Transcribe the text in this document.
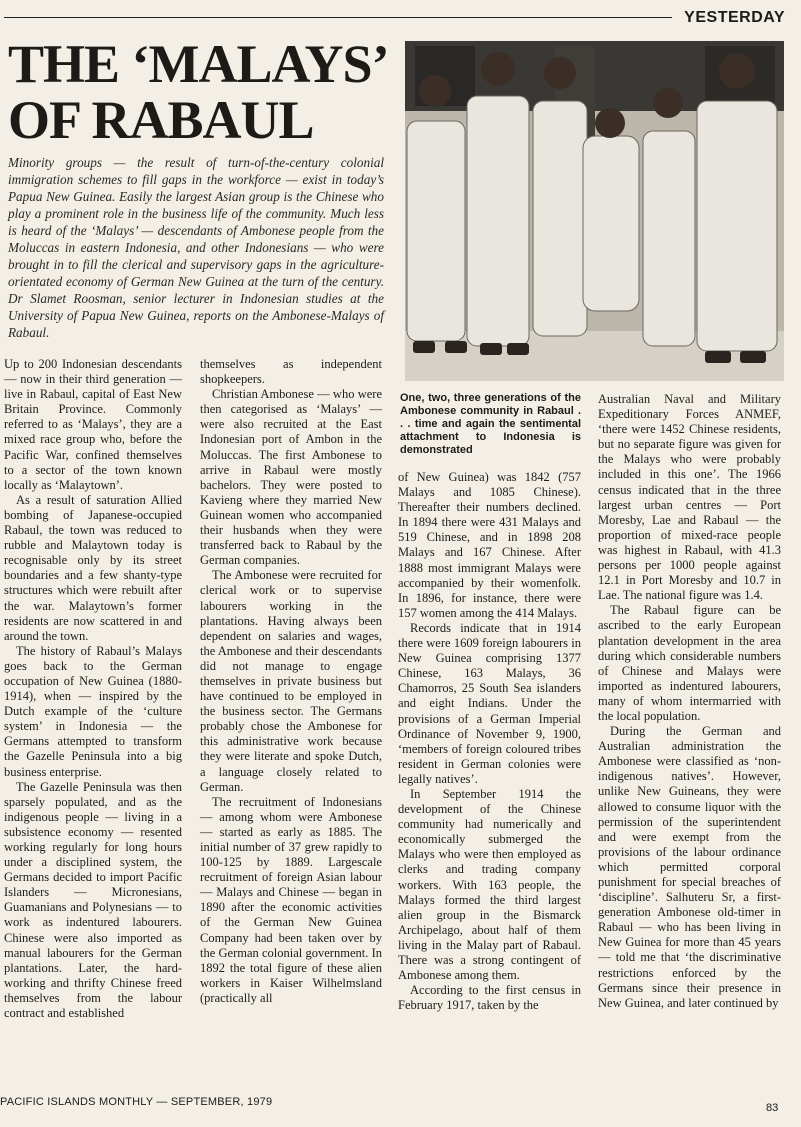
YESTERDAY
THE ‘MALAYS’
OF RABAUL
Minority groups — the result of turn-of-the-century colonial immigration schemes to fill gaps in the workforce — exist in today’s Papua New Guinea. Easily the largest Asian group is the Chinese who play a prominent role in the business life of the community. Much less is heard of the ‘Malays’ — descendants of Ambonese people from the Moluccas in eastern Indonesia, and other Indonesians — who were brought in to fill the clerical and supervisory gaps in the agriculture-orientated economy of German New Guinea at the turn of the century. Dr Slamet Roosman, senior lecturer in Indonesian studies at the University of Papua New Guinea, reports on the Ambonese-Malays of Rabaul.
One, two, three generations of the Ambonese community in Rabaul . . . time and again the sentimental attachment to Indonesia is demonstrated

Up to 200 Indonesian descendants — now in their third generation — live in Rabaul, capital of East New Britain Province. Commonly referred to as ‘Malays’, they are a mixed race group who, before the Pacific War, confined themselves to a sector of the town known locally as ‘Malaytown’.

As a result of saturation Allied bombing of Japanese-occupied Rabaul, the town was reduced to rubble and Malaytown today is recognisable only by its street boundaries and a few shanty-type structures which were rebuilt after the war. Malaytown’s former residents are now scattered in and around the town.

The history of Rabaul’s Malays goes back to the German occupation of New Guinea (1880-1914), when — inspired by the Dutch example of the ‘culture system’ in Indonesia — the Germans attempted to transform the Gazelle Peninsula into a big business enterprise.

The Gazelle Peninsula was then sparsely populated, and as the indigenous people — living in a subsistence economy — resented working regularly for long hours under a disciplined system, the Germans decided to import Pacific Islanders — Micronesians, Guamanians and Polynesians — to work as indentured labourers. Chinese were also imported as manual labourers for the German plantations. Later, the hard-working and thrifty Chinese freed themselves from the labour contract and established

themselves as independent shopkeepers.

Christian Ambonese — who were then categorised as ‘Malays’ — were also recruited at the East Indonesian port of Ambon in the Moluccas. The first Ambonese to arrive in Rabaul were mostly bachelors. They were posted to Kavieng where they married New Guinean women who accompanied their husbands when they were transferred back to Rabaul by the German companies.

The Ambonese were recruited for clerical work or to supervise labourers working in the plantations. Having always been dependent on salaries and wages, the Ambonese and their descendants did not manage to engage themselves in private business but have continued to be employed in the business sector. The Germans probably chose the Ambonese for this administrative work because they were literate and spoke Dutch, a language closely related to German.

The recruitment of Indonesians — among whom were Ambonese — started as early as 1885. The initial number of 37 grew rapidly to 100-125 by 1889. Largescale recruitment of foreign Asian labour — Malays and Chinese — began in 1890 after the economic activities of the German New Guinea Company had been taken over by the German colonial government. In 1892 the total figure of these alien workers in Kaiser Wilhelmsland (practically all

of New Guinea) was 1842 (757 Malays and 1085 Chinese). Thereafter their numbers declined. In 1894 there were 431 Malays and 519 Chinese, and in 1898 208 Malays and 167 Chinese. After 1888 most immigrant Malays were accompanied by their womenfolk. In 1896, for instance, there were 157 women among the 414 Malays.

Records indicate that in 1914 there were 1609 foreign labourers in New Guinea comprising 1377 Chinese, 163 Malays, 36 Chamorros, 25 South Sea islanders and eight Indians. Under the provisions of a German Imperial Ordinance of November 9, 1900, ‘members of foreign coloured tribes resident in German colonies were legally natives’.

In September 1914 the development of the Chinese community had numerically and economically submerged the Malays who were then employed as clerks and trading company workers. With 163 people, the Malays formed the third largest alien group in the Bismarck Archipelago, about half of them living in the Malay part of Rabaul. There was a strong contingent of Ambonese among them.

According to the first census in February 1917, taken by the

Australian Naval and Military Expeditionary Forces ANMEF, ‘there were 1452 Chinese residents, but no separate figure was given for the Malays who were probably included in this one’. The 1966 census indicated that in the three largest urban centres — Port Moresby, Lae and Rabaul — the proportion of mixed-race people was highest in Rabaul, with 41.3 persons per 1000 people against 12.1 in Port Moresby and 10.7 in Lae. The national figure was 1.4.

The Rabaul figure can be ascribed to the early European plantation development in the area during which considerable numbers of Chinese and Malays were imported as indentured labourers, many of whom intermarried with the local population.

During the German and Australian administration the Ambonese were classified as ‘non-indigenous natives’. However, unlike New Guineans, they were allowed to consume liquor with the permission of the superintendent and were exempt from the provisions of the labour ordinance which permitted corporal punishment for special breaches of ‘discipline’. Salhuteru Sr, a first-generation Ambonese old-timer in Rabaul — who has been living in New Guinea for more than 45 years — told me that ‘the discriminative restrictions enforced by the Germans since their presence in New Guinea, and later continued by

PACIFIC ISLANDS MONTHLY — SEPTEMBER, 1979	83
